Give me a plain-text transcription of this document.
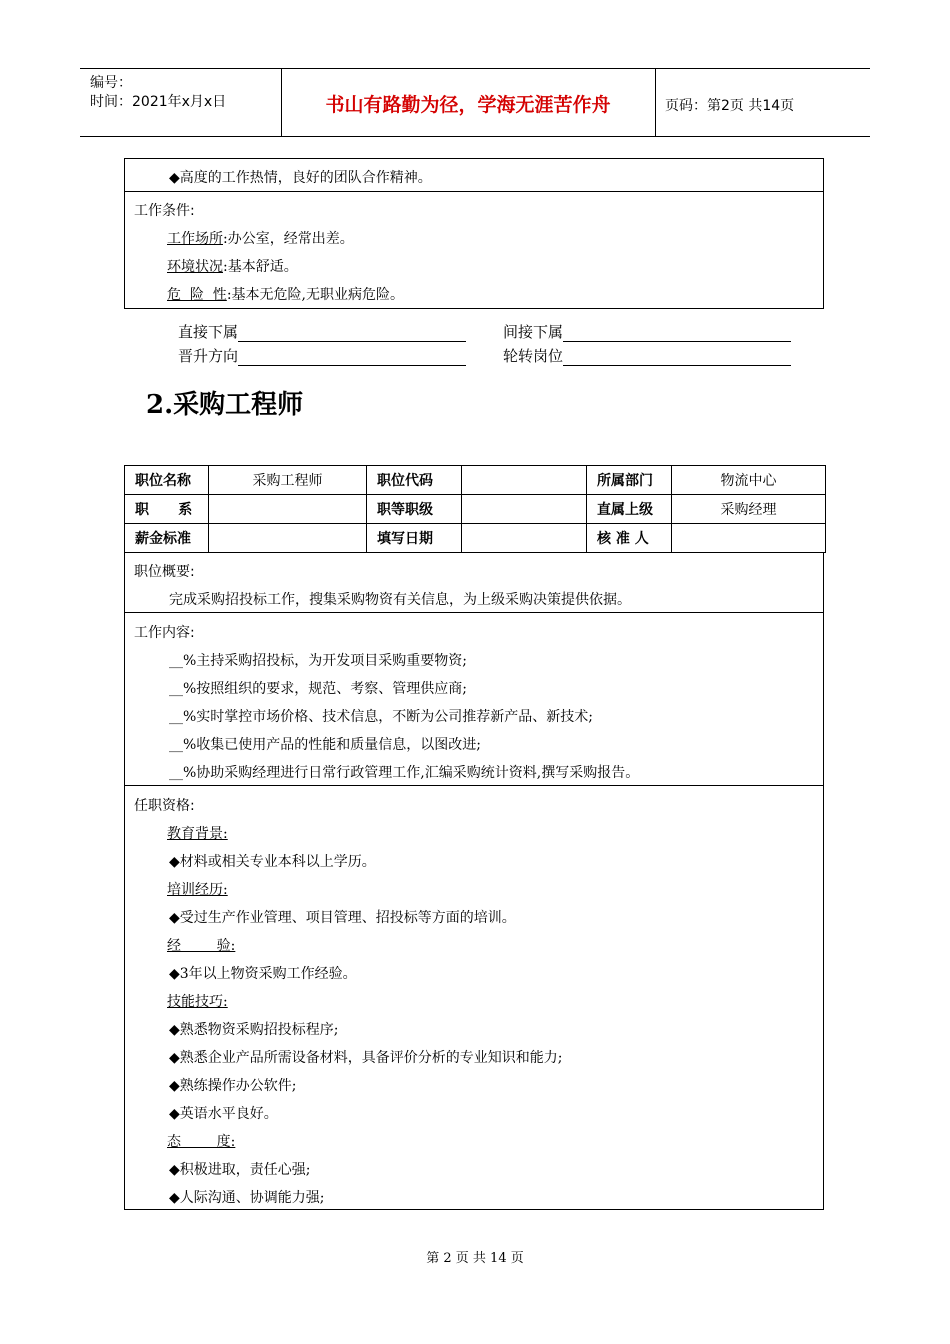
编号：
时间：2021年x月x日	书山有路勤为径，学海无涯苦作舟	页码：第2页 共14页
◆高度的工作热情，良好的团队合作精神。
工作条件:
工作场所:办公室，经常出差。
环境状况:基本舒适。
危  险  性:基本无危险,无职业病危险。
直接下属	间接下属
晋升方向	轮转岗位
2.采购工程师
职位名称	采购工程师	职位代码		所属部门	物流中心
职      系		职等职级		直属上级	采购经理
薪金标准		填写日期		核 准 人	
职位概要:
完成采购招投标工作，搜集采购物资有关信息，为上级采购决策提供依据。
工作内容:
__%主持采购招投标，为开发项目采购重要物资;
__%按照组织的要求，规范、考察、管理供应商;
__%实时掌控市场价格、技术信息，不断为公司推荐新产品、新技术;
__%收集已使用产品的性能和质量信息，以图改进;
__%协助采购经理进行日常行政管理工作,汇编采购统计资料,撰写采购报告。
任职资格:
教育背景:
◆材料或相关专业本科以上学历。
培训经历:
◆受过生产作业管理、项目管理、招投标等方面的培训。
经        验:
◆3年以上物资采购工作经验。
技能技巧:
◆熟悉物资采购招投标程序;
◆熟悉企业产品所需设备材料，具备评价分析的专业知识和能力;
◆熟练操作办公软件;
◆英语水平良好。
态        度:
◆积极进取，责任心强;
◆人际沟通、协调能力强;
第 2 页 共 14 页
